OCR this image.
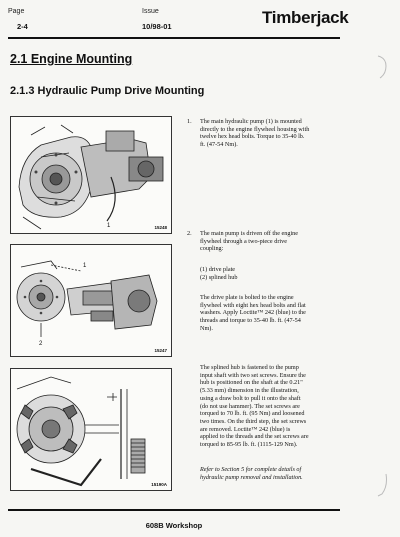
Page
2-4
Issue
10/98-01	Timberjack
2.1 Engine Mounting
2.1.3 Hydraulic Pump Drive Mounting
1	15248
1
2
15247
15190A
1. The main hydraulic pump (1) is mounted
directly to the engine flywheel housing with
twelve hex head bolts. Torque to 35-40 lb.
ft. (47-54 Nm).
2. The main pump is driven off the engine
flywheel through a two-piece drive
coupling:
(1) drive plate
(2) splined hub
The drive plate is bolted to the engine
flywheel with eight hex head bolts and flat
washers. Apply Loctite™ 242 (blue) to the
threads and torque to 35-40 lb. ft. (47-54
Nm).
The splined hub is fastened to the pump
input shaft with two set screws. Ensure the
hub is positioned on the shaft at the 0.21"
(5.33 mm) dimension in the illustration,
using a draw bolt to pull it onto the shaft
(do not use hammer). The set screws are
torqued to 70 lb. ft. (95 Nm) and loosened
two times. On the third step, the set screws
are removed. Loctite™ 242 (blue) is
applied to the threads and the set screws are
torqued to 85-95 lb. ft. (1115-129 Nm).
Refer to Section 5 for complete details of
hydraulic pump removal and installation.
608B Workshop
